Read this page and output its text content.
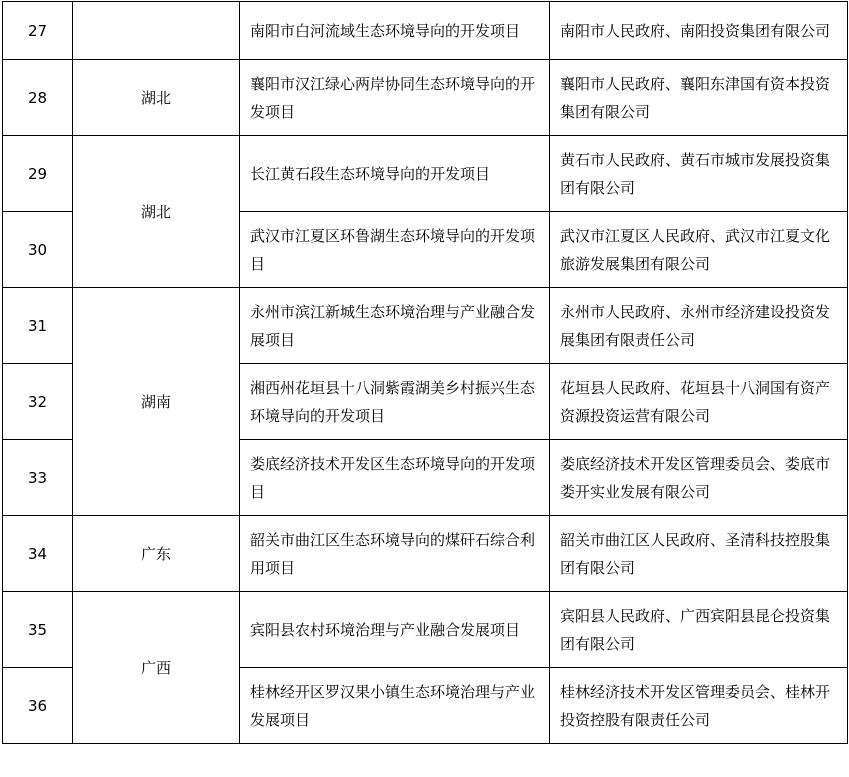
27		南阳市白河流域生态环境导向的开发项目	南阳市人民政府、南阳投资集团有限公司

28	湖北	襄阳市汉江绿心两岸协同生态环境导向的开发项目	襄阳市人民政府、襄阳东津国有资本投资集团有限公司

29	湖北	长江黄石段生态环境导向的开发项目	黄石市人民政府、黄石市城市发展投资集团有限公司

30		武汉市江夏区环鲁湖生态环境导向的开发项目	武汉市江夏区人民政府、武汉市江夏文化旅游发展集团有限公司

31	湖南	永州市滨江新城生态环境治理与产业融合发展项目	永州市人民政府、永州市经济建设投资发展集团有限责任公司

32		湘西州花垣县十八洞紫霞湖美乡村振兴生态环境导向的开发项目	花垣县人民政府、花垣县十八洞国有资产资源投资运营有限公司

33		娄底经济技术开发区生态环境导向的开发项目	娄底经济技术开发区管理委员会、娄底市娄开实业发展有限公司

34	广东	韶关市曲江区生态环境导向的煤矸石综合利用项目	韶关市曲江区人民政府、圣清科技控股集团有限公司

35	广西	宾阳县农村环境治理与产业融合发展项目	宾阳县人民政府、广西宾阳县昆仑投资集团有限公司

36		桂林经开区罗汉果小镇生态环境治理与产业发展项目	桂林经济技术开发区管理委员会、桂林开投资控股有限责任公司
